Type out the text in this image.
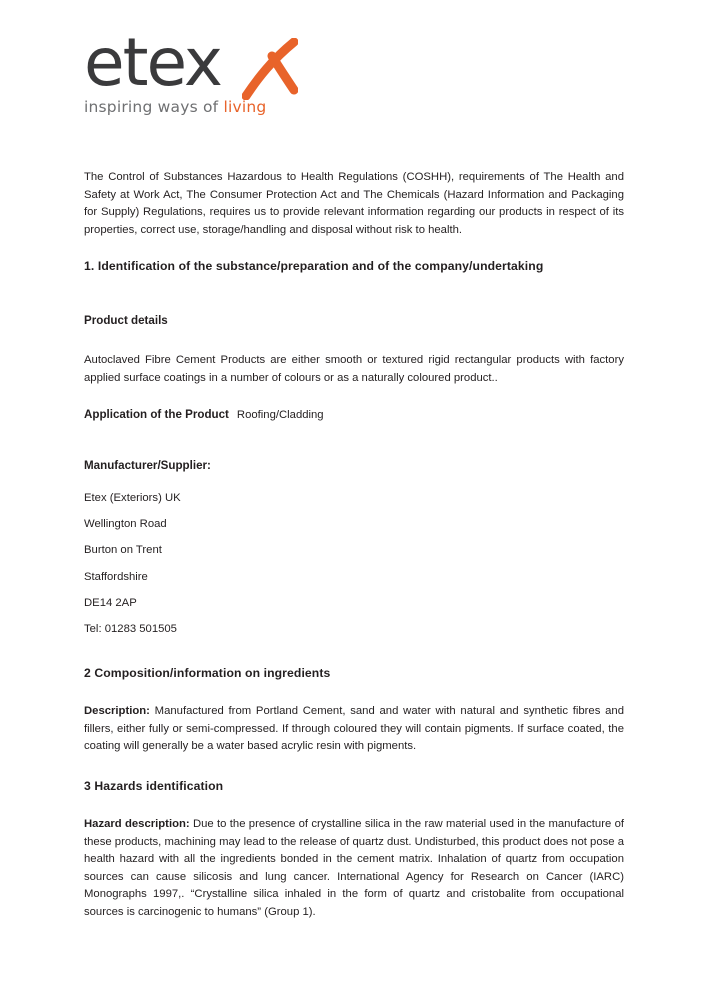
etex
inspiring ways of living

The Control of Substances Hazardous to Health Regulations (COSHH), requirements of The Health and Safety at Work Act, The Consumer Protection Act and The Chemicals (Hazard Information and Packaging for Supply) Regulations, requires us to provide relevant information regarding our products in respect of its properties, correct use, storage/handling and disposal without risk to health.

1. Identification of the substance/preparation and of the company/undertaking
Product details

Autoclaved Fibre Cement Products are either smooth or textured rigid rectangular products with factory applied surface coatings in a number of colours or as a naturally coloured product..

Application of the Product Roofing/Cladding
Manufacturer/Supplier:
Etex (Exteriors) UK
Wellington Road
Burton on Trent
Staffordshire
DE14 2AP
Tel: 01283 501505
2 Composition/information on ingredients

Description: Manufactured from Portland Cement, sand and water with natural and synthetic fibres and fillers, either fully or semi-compressed. If through coloured they will contain pigments. If surface coated, the coating will generally be a water based acrylic resin with pigments.

3 Hazards identification

Hazard description: Due to the presence of crystalline silica in the raw material used in the manufacture of these products, machining may lead to the release of quartz dust. Undisturbed, this product does not pose a health hazard with all the ingredients bonded in the cement matrix. Inhalation of quartz from occupation sources can cause silicosis and lung cancer. International Agency for Research on Cancer (IARC) Monographs 1997,. “Crystalline silica inhaled in the form of quartz and cristobalite from occupational sources is carcinogenic to humans” (Group 1).
